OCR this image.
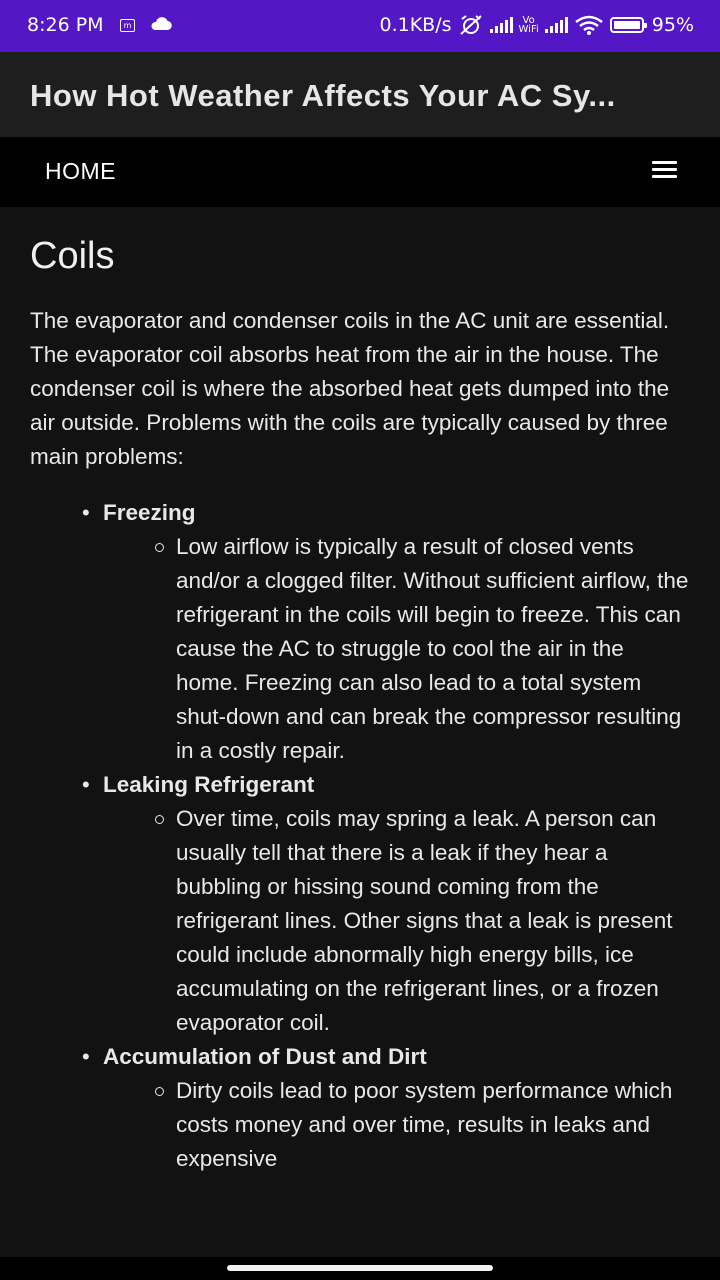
8:26 PM	m	0.1KB/s	Vo
WiFi	95%
How Hot Weather Affects Your AC Sy...
HOME
Coils

The evaporator and condenser coils in the AC unit are essential. The evaporator coil absorbs heat from the air in the house. The condenser coil is where the absorbed heat gets dumped into the air outside. Problems with the coils are typically caused by three main problems:

• Freezing
Low airflow is typically a result of closed vents and/or a clogged filter. Without sufficient airflow, the refrigerant in the coils will begin to freeze. This can cause the AC to struggle to cool the air in the home. Freezing can also lead to a total system shut-down and can break the compressor resulting in a costly repair.
• Leaking Refrigerant
Over time, coils may spring a leak. A person can usually tell that there is a leak if they hear a bubbling or hissing sound coming from the refrigerant lines. Other signs that a leak is present could include abnormally high energy bills, ice accumulating on the refrigerant lines, or a frozen evaporator coil.
• Accumulation of Dust and Dirt
Dirty coils lead to poor system performance which costs money and over time, results in leaks and expensive
